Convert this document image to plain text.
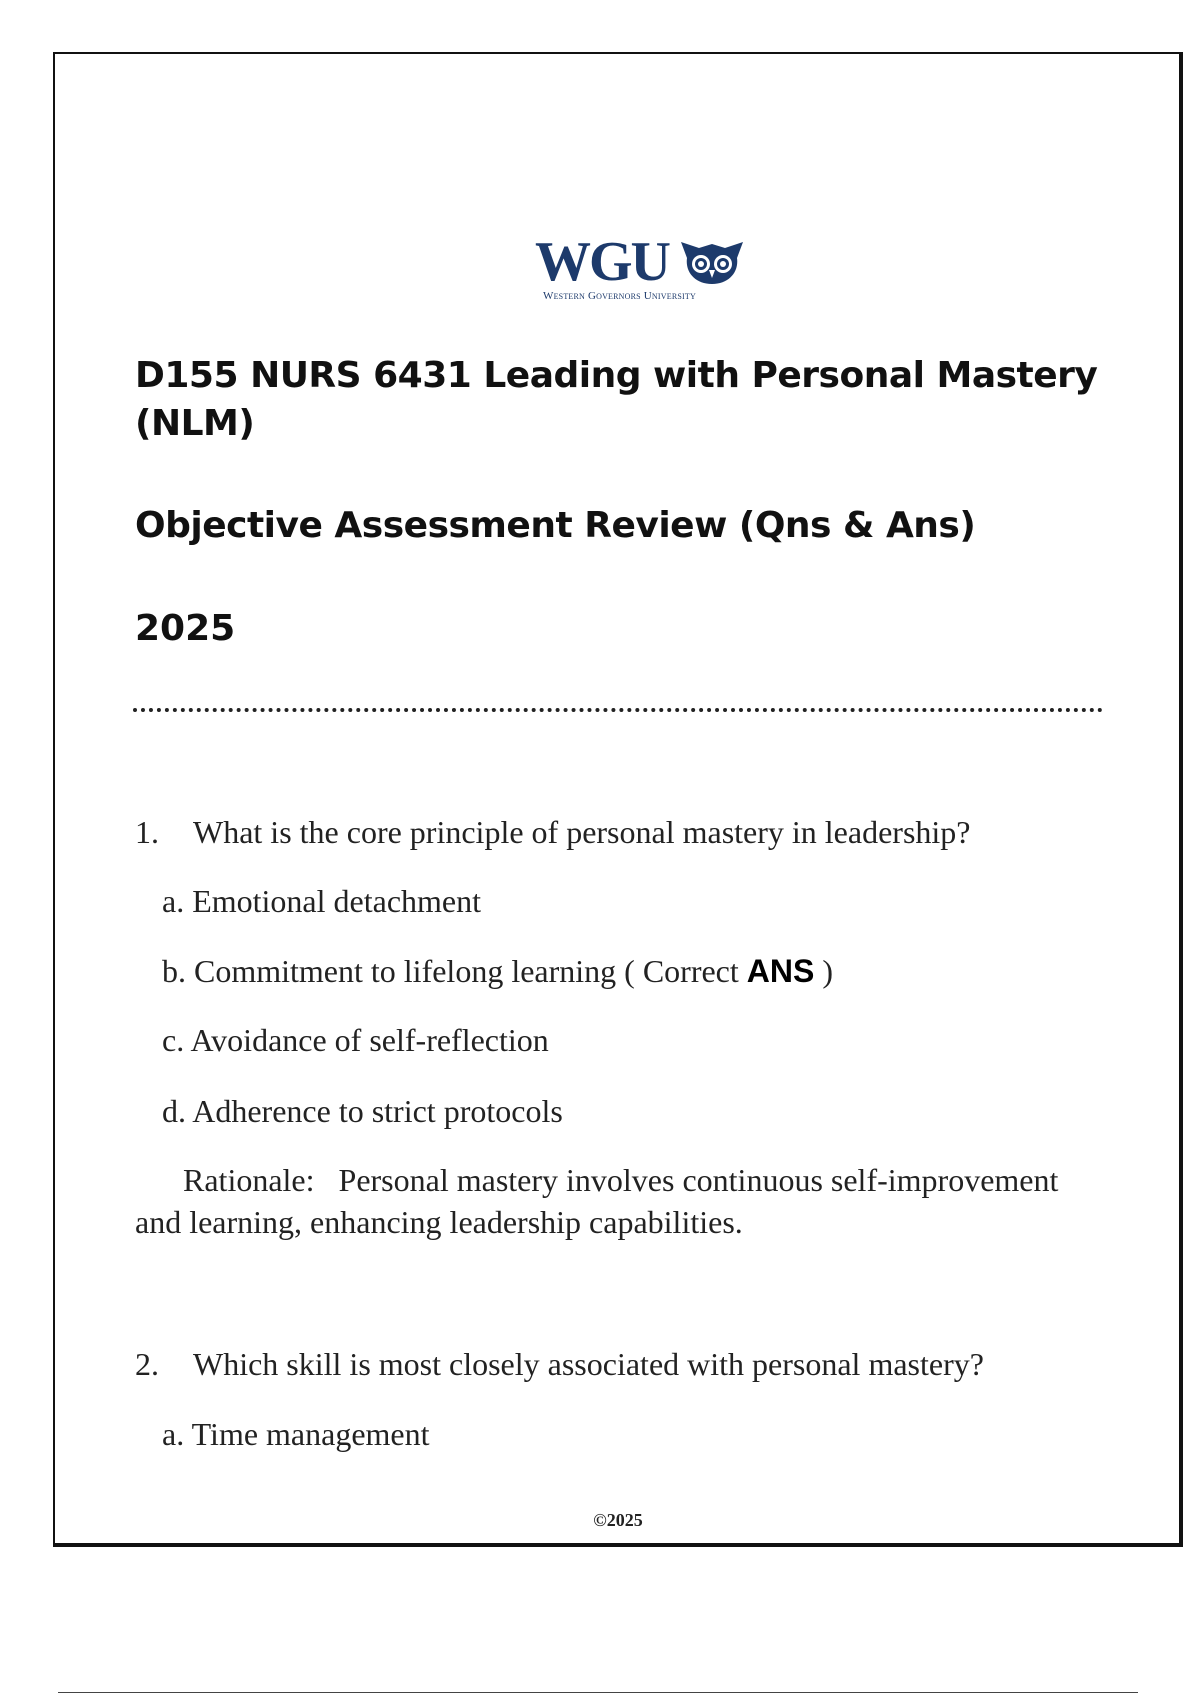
WGU
Western Governors University
D155 NURS 6431 Leading with Personal Mastery (NLM)
Objective Assessment Review (Qns & Ans)
2025

1. What is the core principle of personal mastery in leadership?

a. Emotional detachment

b. Commitment to lifelong learning ( Correct ANS )

c. Avoidance of self-reflection

d. Adherence to strict protocols

Rationale: Personal mastery involves continuous self-improvement and learning, enhancing leadership capabilities.

2. Which skill is most closely associated with personal mastery?

a. Time management

©2025
